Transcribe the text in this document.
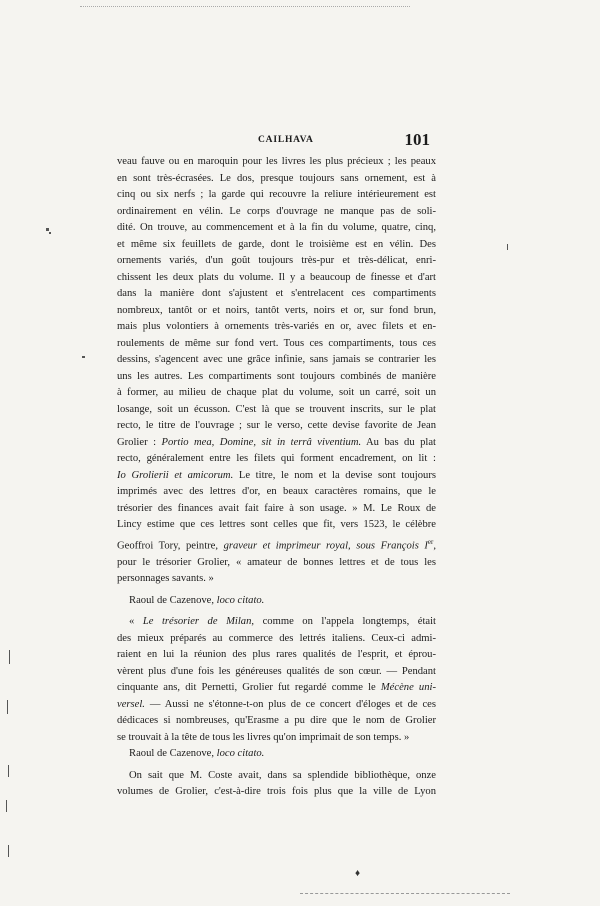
CAILHAVA	101

veau fauve ou en maroquin pour les livres les plus précieux ; les peaux
en sont très-écrasées. Le dos, presque toujours sans ornement, est à
cinq ou six nerfs ; la garde qui recouvre la reliure intérieurement est
ordinairement en vélin. Le corps d'ouvrage ne manque pas de soli-
dité. On trouve, au commencement et à la fin du volume, quatre, cinq,
et même six feuillets de garde, dont le troisième est en vélin. Des
ornements variés, d'un goût toujours très-pur et très-délicat, enri-
chissent les deux plats du volume. Il y a beaucoup de finesse et d'art
dans la manière dont s'ajustent et s'entrelacent ces compartiments
nombreux, tantôt or et noirs, tantôt verts, noirs et or, sur fond brun,
mais plus volontiers à ornements très-variés en or, avec filets et en-
roulements de même sur fond vert. Tous ces compartiments, tous ces
dessins, s'agencent avec une grâce infinie, sans jamais se contrarier les
uns les autres. Les compartiments sont toujours combinés de manière
à former, au milieu de chaque plat du volume, soit un carré, soit un
losange, soit un écusson. C'est là que se trouvent inscrits, sur le plat
recto, le titre de l'ouvrage ; sur le verso, cette devise favorite de Jean
Grolier : Portio mea, Domine, sit in terrâ viventium. Au bas du plat
recto, généralement entre les filets qui forment encadrement, on lit :
Io Grolierii et amicorum. Le titre, le nom et la devise sont toujours
imprimés avec des lettres d'or, en beaux caractères romains, que le
trésorier des finances avait fait faire à son usage. » M. Le Roux de
Lincy estime que ces lettres sont celles que fit, vers 1523, le célèbre
Geoffroi Tory, peintre, graveur et imprimeur royal, sous François Ier,
pour le trésorier Grolier, « amateur de bonnes lettres et de tous les
personnages savants. »

Raoul de Cazenove, loco citato.

« Le trésorier de Milan, comme on l'appela longtemps, était
des mieux préparés au commerce des lettrés italiens. Ceux-ci admi-
raient en lui la réunion des plus rares qualités de l'esprit, et éprou-
vèrent plus d'une fois les généreuses qualités de son cœur. — Pendant
cinquante ans, dit Pernetti, Grolier fut regardé comme le Mécène uni-
versel. — Aussi ne s'étonne-t-on plus de ce concert d'éloges et de ces
dédicaces si nombreuses, qu'Erasme a pu dire que le nom de Grolier
se trouvait à la tête de tous les livres qu'on imprimait de son temps. »

Raoul de Cazenove, loco citato.

On sait que M. Coste avait, dans sa splendide bibliothèque, onze
volumes de Grolier, c'est-à-dire trois fois plus que la ville de Lyon

♦
